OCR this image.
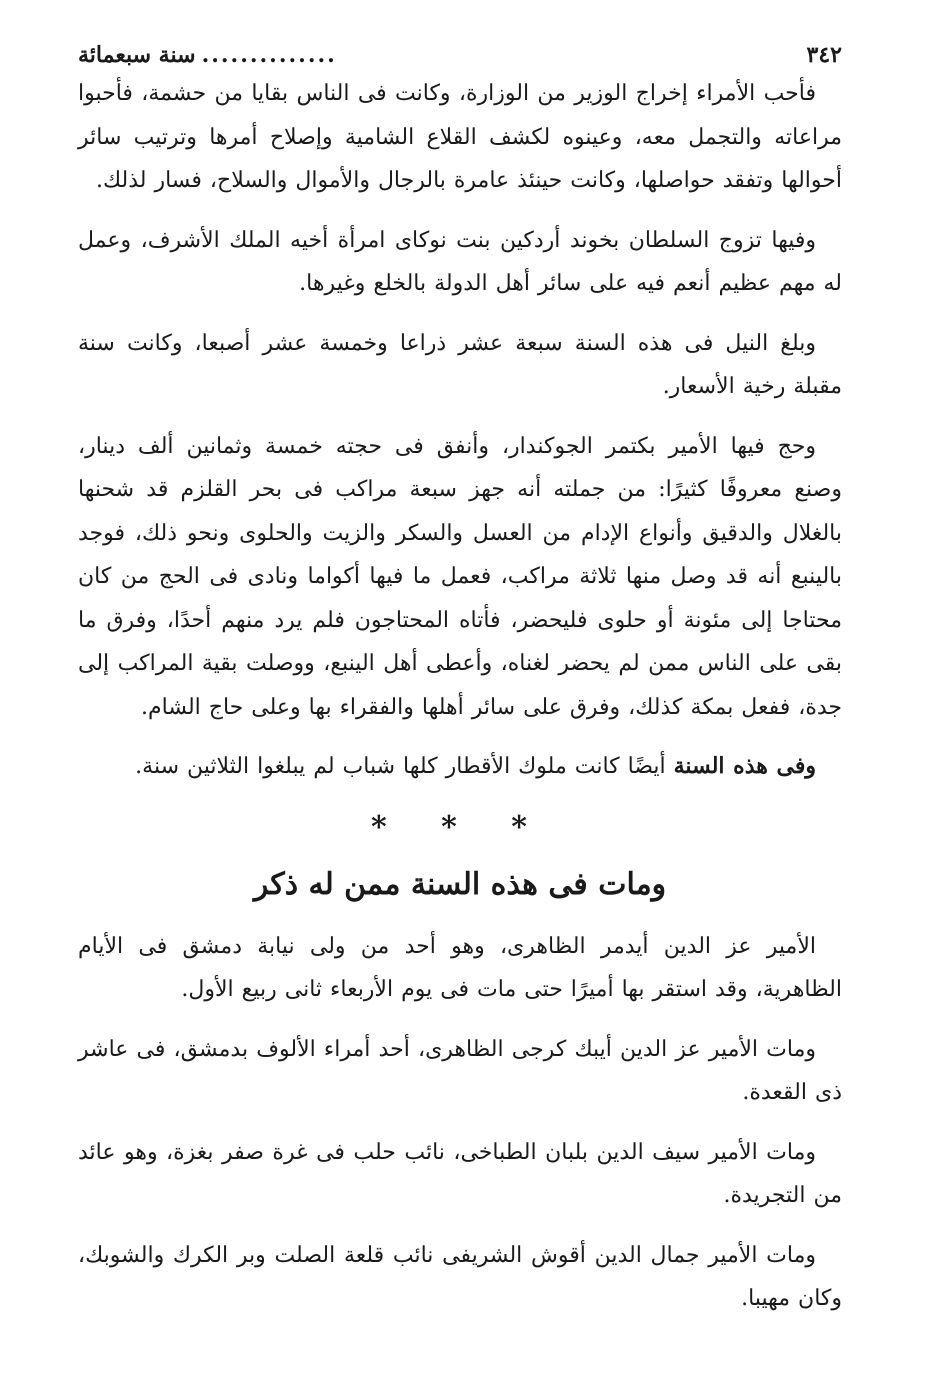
٣٤٢
..............
سنة سبعمائة

فأحب الأمراء إخراج الوزير من الوزارة، وكانت فى الناس بقايا من حشمة، فأحبوا مراعاته والتجمل معه، وعينوه لكشف القلاع الشامية وإصلاح أمرها وترتيب سائر أحوالها وتفقد حواصلها، وكانت حينئذ عامرة بالرجال والأموال والسلاح، فسار لذلك.

وفيها تزوج السلطان بخوند أردكين بنت نوكاى امرأة أخيه الملك الأشرف، وعمل له مهم عظيم أنعم فيه على سائر أهل الدولة بالخلع وغيرها.

وبلغ النيل فى هذه السنة سبعة عشر ذراعا وخمسة عشر أصبعا، وكانت سنة مقبلة رخية الأسعار.

وحج فيها الأمير بكتمر الجوكندار، وأنفق فى حجته خمسة وثمانين ألف دينار، وصنع معروفًا كثيرًا: من جملته أنه جهز سبعة مراكب فى بحر القلزم قد شحنها بالغلال والدقيق وأنواع الإدام من العسل والسكر والزيت والحلوى ونحو ذلك، فوجد بالينبع أنه قد وصل منها ثلاثة مراكب، فعمل ما فيها أكواما ونادى فى الحج من كان محتاجا إلى مئونة أو حلوى فليحضر، فأتاه المحتاجون فلم يرد منهم أحدًا، وفرق ما بقى على الناس ممن لم يحضر لغناه، وأعطى أهل الينبع، ووصلت بقية المراكب إلى جدة، ففعل بمكة كذلك، وفرق على سائر أهلها والفقراء بها وعلى حاج الشام.

وفى هذه السنة أيضًا كانت ملوك الأقطار كلها شباب لم يبلغوا الثلاثين سنة.

* * *
ومات فى هذه السنة ممن له ذكر

الأمير عز الدين أيدمر الظاهرى، وهو أحد من ولى نيابة دمشق فى الأيام الظاهرية، وقد استقر بها أميرًا حتى مات فى يوم الأربعاء ثانى ربيع الأول.

ومات الأمير عز الدين أيبك كرجى الظاهرى، أحد أمراء الألوف بدمشق، فى عاشر ذى القعدة.

ومات الأمير سيف الدين بلبان الطباخى، نائب حلب فى غرة صفر بغزة، وهو عائد من التجريدة.

ومات الأمير جمال الدين أقوش الشريفى نائب قلعة الصلت وبر الكرك والشوبك، وكان مهيبا.
